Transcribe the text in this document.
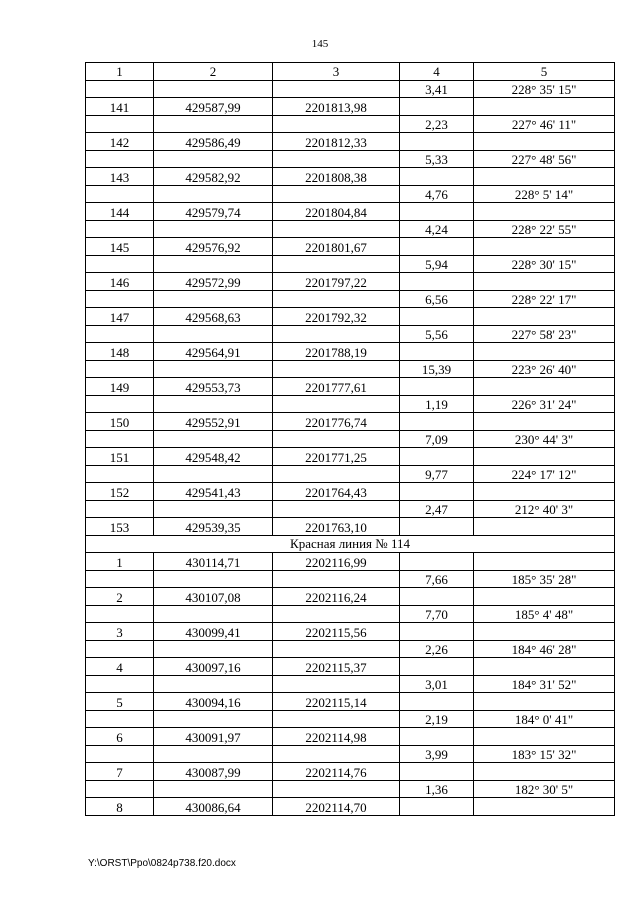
145
1	2	3	4	5
			3,41	228° 35' 15"
141	429587,99	2201813,98		
			2,23	227° 46' 11"
142	429586,49	2201812,33		
			5,33	227° 48' 56"
143	429582,92	2201808,38		
			4,76	228° 5' 14"
144	429579,74	2201804,84		
			4,24	228° 22' 55"
145	429576,92	2201801,67		
			5,94	228° 30' 15"
146	429572,99	2201797,22		
			6,56	228° 22' 17"
147	429568,63	2201792,32		
			5,56	227° 58' 23"
148	429564,91	2201788,19		
			15,39	223° 26' 40"
149	429553,73	2201777,61		
			1,19	226° 31' 24"
150	429552,91	2201776,74		
			7,09	230° 44' 3"
151	429548,42	2201771,25		
			9,77	224° 17' 12"
152	429541,43	2201764,43		
			2,47	212° 40' 3"
153	429539,35	2201763,10		
Красная линия № 114				
1	430114,71	2202116,99		
			7,66	185° 35' 28"
2	430107,08	2202116,24		
			7,70	185° 4' 48"
3	430099,41	2202115,56		
			2,26	184° 46' 28"
4	430097,16	2202115,37		
			3,01	184° 31' 52"
5	430094,16	2202115,14		
			2,19	184° 0' 41"
6	430091,97	2202114,98		
			3,99	183° 15' 32"
7	430087,99	2202114,76		
			1,36	182° 30' 5"
8	430086,64	2202114,70		
Y:\ORST\Ppo\0824p738.f20.docx
